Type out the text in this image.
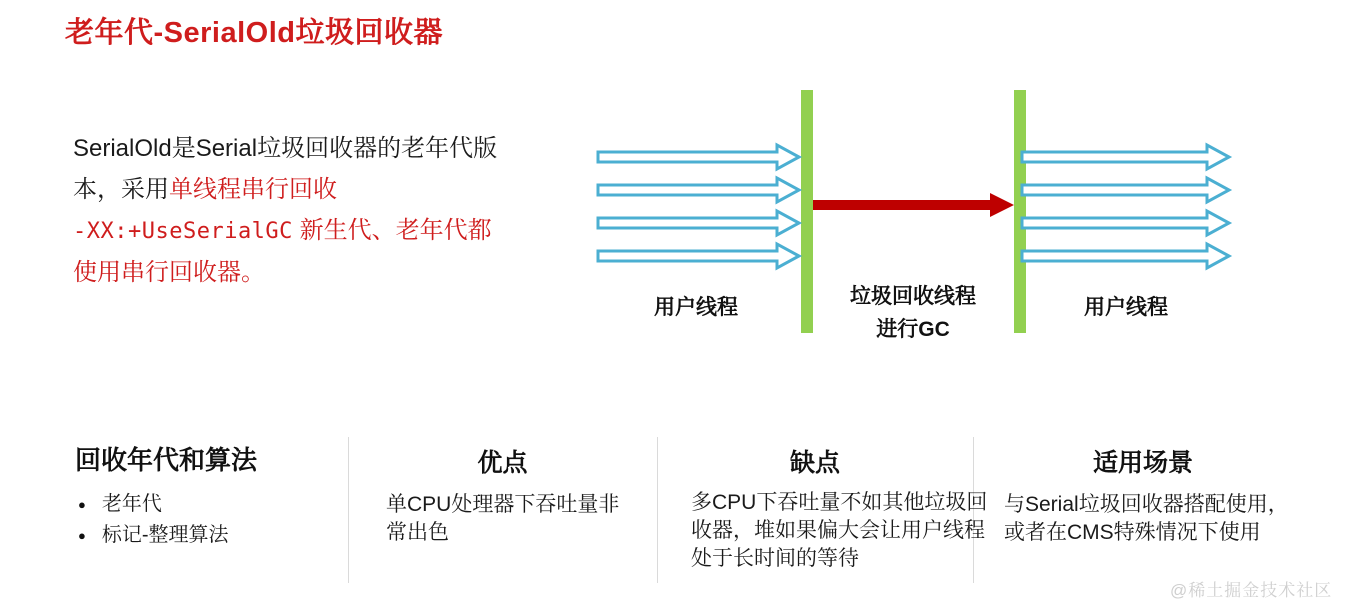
老年代-SerialOld垃圾回收器
SerialOld是Serial垃圾回收器的老年代版
本，采用单线程串行回收
-XX:+UseSerialGC 新生代、老年代都
使用串行回收器。
用户线程	垃圾回收线程
进行GC
用户线程
回收年代和算法
● 老年代
● 标记-整理算法
优点
单CPU处理器下吞吐量非
常出色
缺点
多CPU下吞吐量不如其他垃圾回
收器，堆如果偏大会让用户线程
处于长时间的等待
适用场景
与Serial垃圾回收器搭配使用，
或者在CMS特殊情况下使用
@稀土掘金技术社区
